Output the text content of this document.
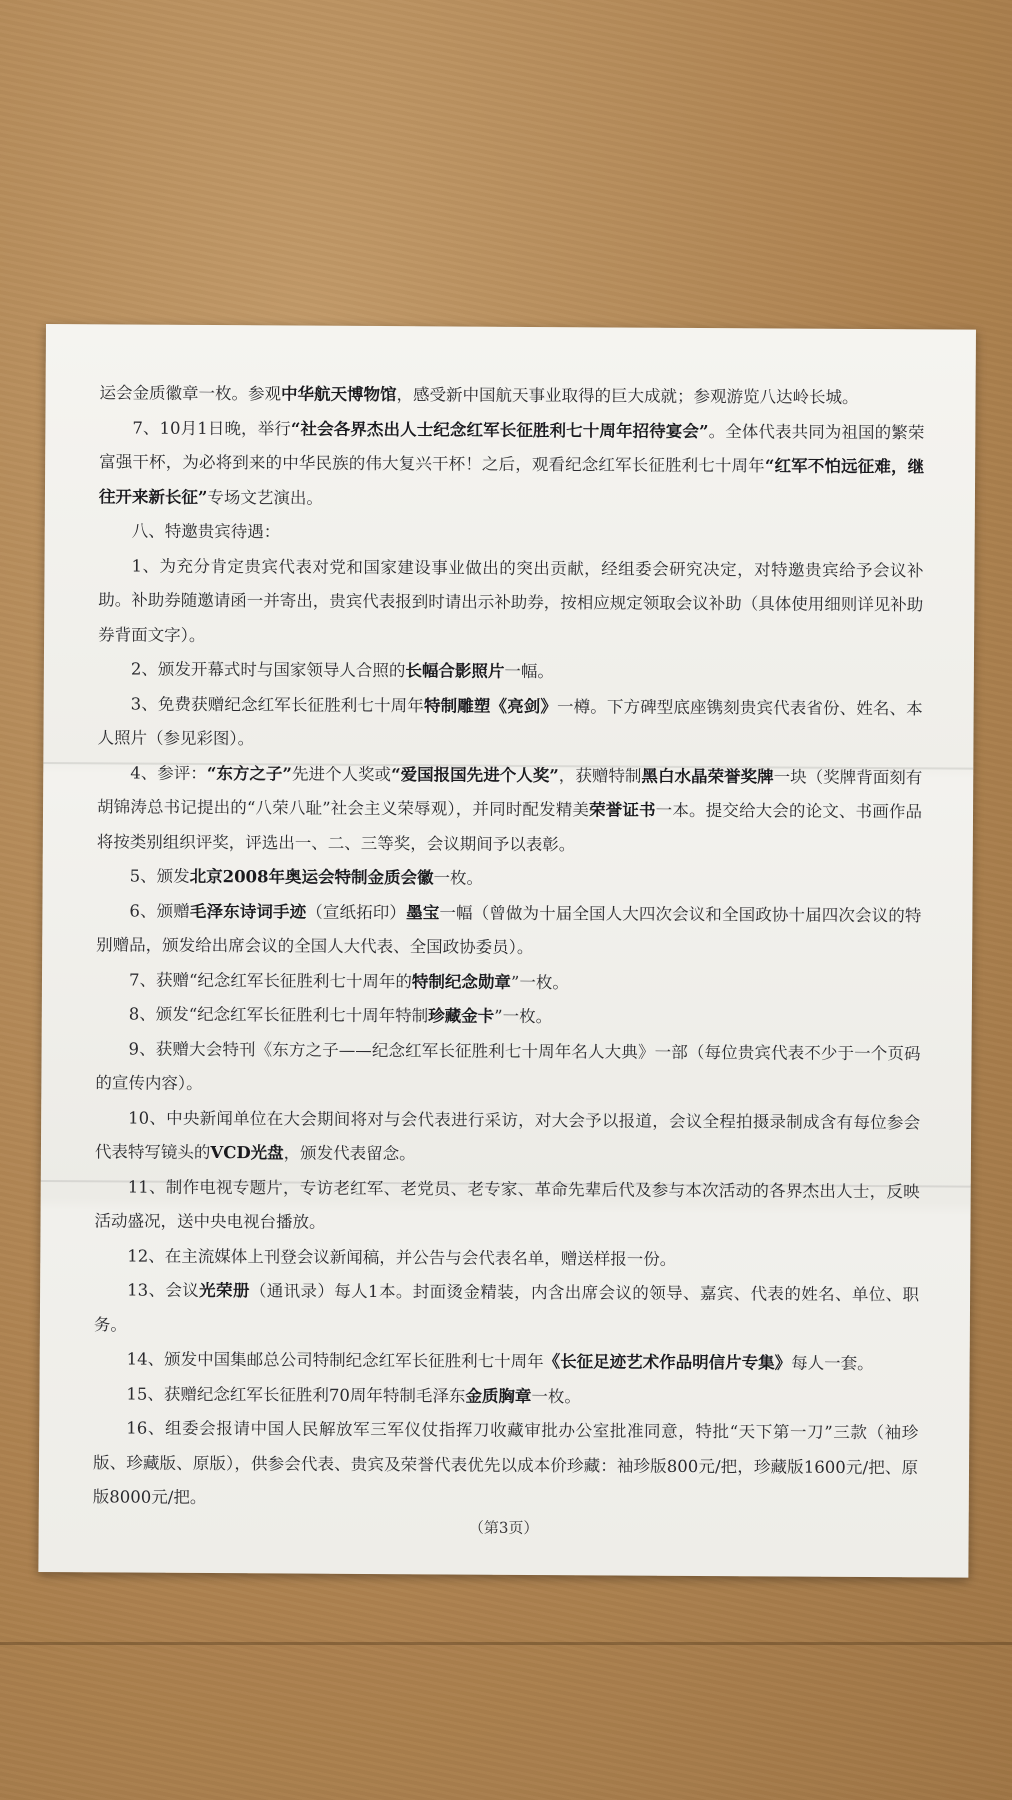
运会金质徽章一枚。参观中华航天博物馆，感受新中国航天事业取得的巨大成就；参观游览八达岭长城。

7、10月1日晚，举行“社会各界杰出人士纪念红军长征胜利七十周年招待宴会”。全体代表共同为祖国的繁荣富强干杯，为必将到来的中华民族的伟大复兴干杯！之后，观看纪念红军长征胜利七十周年“红军不怕远征难，继往开来新长征”专场文艺演出。

八、特邀贵宾待遇：

1、为充分肯定贵宾代表对党和国家建设事业做出的突出贡献，经组委会研究决定，对特邀贵宾给予会议补助。补助券随邀请函一并寄出，贵宾代表报到时请出示补助券，按相应规定领取会议补助（具体使用细则详见补助券背面文字）。

2、颁发开幕式时与国家领导人合照的长幅合影照片一幅。

3、免费获赠纪念红军长征胜利七十周年特制雕塑《亮剑》一樽。下方碑型底座镌刻贵宾代表省份、姓名、本人照片（参见彩图）。

4、参评：“东方之子”先进个人奖或“爱国报国先进个人奖”，获赠特制黑白水晶荣誉奖牌一块（奖牌背面刻有胡锦涛总书记提出的“八荣八耻”社会主义荣辱观），并同时配发精美荣誉证书一本。提交给大会的论文、书画作品将按类别组织评奖，评选出一、二、三等奖，会议期间予以表彰。

5、颁发北京2008年奥运会特制金质会徽一枚。

6、颁赠毛泽东诗词手迹（宣纸拓印）墨宝一幅（曾做为十届全国人大四次会议和全国政协十届四次会议的特别赠品，颁发给出席会议的全国人大代表、全国政协委员）。

7、获赠“纪念红军长征胜利七十周年的特制纪念勋章”一枚。

8、颁发“纪念红军长征胜利七十周年特制珍藏金卡”一枚。

9、获赠大会特刊《东方之子——纪念红军长征胜利七十周年名人大典》一部（每位贵宾代表不少于一个页码的宣传内容）。

10、中央新闻单位在大会期间将对与会代表进行采访，对大会予以报道，会议全程拍摄录制成含有每位参会代表特写镜头的VCD光盘，颁发代表留念。

11、制作电视专题片，专访老红军、老党员、老专家、革命先辈后代及参与本次活动的各界杰出人士，反映活动盛况，送中央电视台播放。

12、在主流媒体上刊登会议新闻稿，并公告与会代表名单，赠送样报一份。

13、会议光荣册（通讯录）每人1本。封面烫金精装，内含出席会议的领导、嘉宾、代表的姓名、单位、职务。

14、颁发中国集邮总公司特制纪念红军长征胜利七十周年《长征足迹艺术作品明信片专集》每人一套。

15、获赠纪念红军长征胜利70周年特制毛泽东金质胸章一枚。

16、组委会报请中国人民解放军三军仪仗指挥刀收藏审批办公室批准同意，特批“天下第一刀”三款（袖珍版、珍藏版、原版），供参会代表、贵宾及荣誉代表优先以成本价珍藏：袖珍版800元/把，珍藏版1600元/把、原版8000元/把。

（第3页）
